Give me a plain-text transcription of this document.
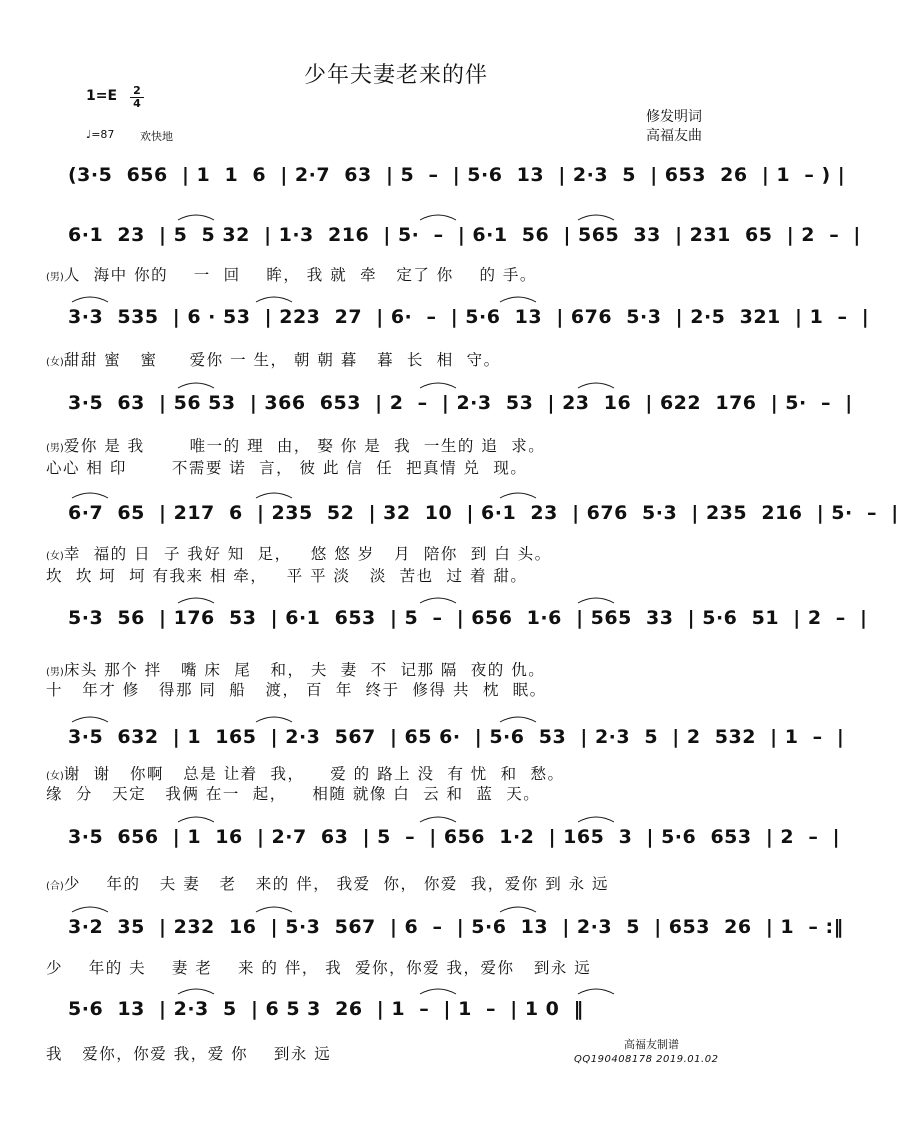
少年夫妻老来的伴
1=E 2
4
♩=87 欢快地
修发明词
高福友曲
(3·5  656  | 1  1  6  | 2·7  63  | 5  –  | 5·6  13  | 2·3  5  | 653  26  | 1  – ) |
6·1  23  | 5  5 32  | 1·3  216  | 5·  –  | 6·1  56  | 565  33  | 231  65  | 2  –  |
(男)人  海中 你的    一  回    眸， 我 就  牵   定了 你    的 手。
3·3  535  | 6 · 53  | 223  27  | 6·  –  | 5·6  13  | 676  5·3  | 2·5  321  | 1  –  |
(女)甜甜 蜜   蜜     爱你 一 生， 朝 朝 暮   暮  长  相  守。
3·5  63  | 56 53  | 366  653  | 2  –  | 2·3  53  | 23  16  | 622  176  | 5·  –  |
(男)爱你 是 我       唯一的 理  由， 娶 你 是  我  一生的 追  求。
心心 相 印       不需要 诺  言， 彼 此 信  任  把真情 兑  现。
6·7  65  | 217  6  | 235  52  | 32  10  | 6·1  23  | 676  5·3  | 235  216  | 5·  –  |
(女)幸  福的 日  子 我好 知  足，   悠 悠 岁   月  陪你  到 白 头。
坎  坎 坷  坷 有我来 相 牵，   平 平 淡   淡  苦也  过 着 甜。
5·3  56  | 176  53  | 6·1  653  | 5  –  | 656  1·6  | 565  33  | 5·6  51  | 2  –  |
(男)床头 那个 拌   嘴 床  尾   和， 夫  妻  不  记那 隔  夜的 仇。
十   年才 修   得那 同  船   渡， 百  年  终于  修得 共  枕  眠。
3·5  632  | 1  165  | 2·3  567  | 65 6·  | 5·6  53  | 2·3  5  | 2  532  | 1  –  |
(女)谢  谢   你啊   总是 让着  我，    爱 的 路上 没  有 忧  和  愁。
缘  分   天定   我俩 在一  起，    相随 就像 白  云 和  蓝  天。
3·5  656  | 1  16  | 2·7  63  | 5  –  | 656  1·2  | 165  3  | 5·6  653  | 2  –  |
(合)少    年的   夫 妻   老   来的 伴， 我爱  你， 你爱  我，爱你 到 永 远
3·2  35  | 232  16  | 5·3  567  | 6  –  | 5·6  13  | 2·3  5  | 653  26  | 1  – :‖
少    年的 夫    妻 老    来 的 伴， 我  爱你，你爱 我，爱你   到永 远
5·6  13  | 2·3  5  | 6 5 3  26  | 1  –  | 1  –  | 1 0  ‖
我   爱你，你爱 我，爱 你    到永 远
高福友制谱
QQ190408178 2019.01.02
